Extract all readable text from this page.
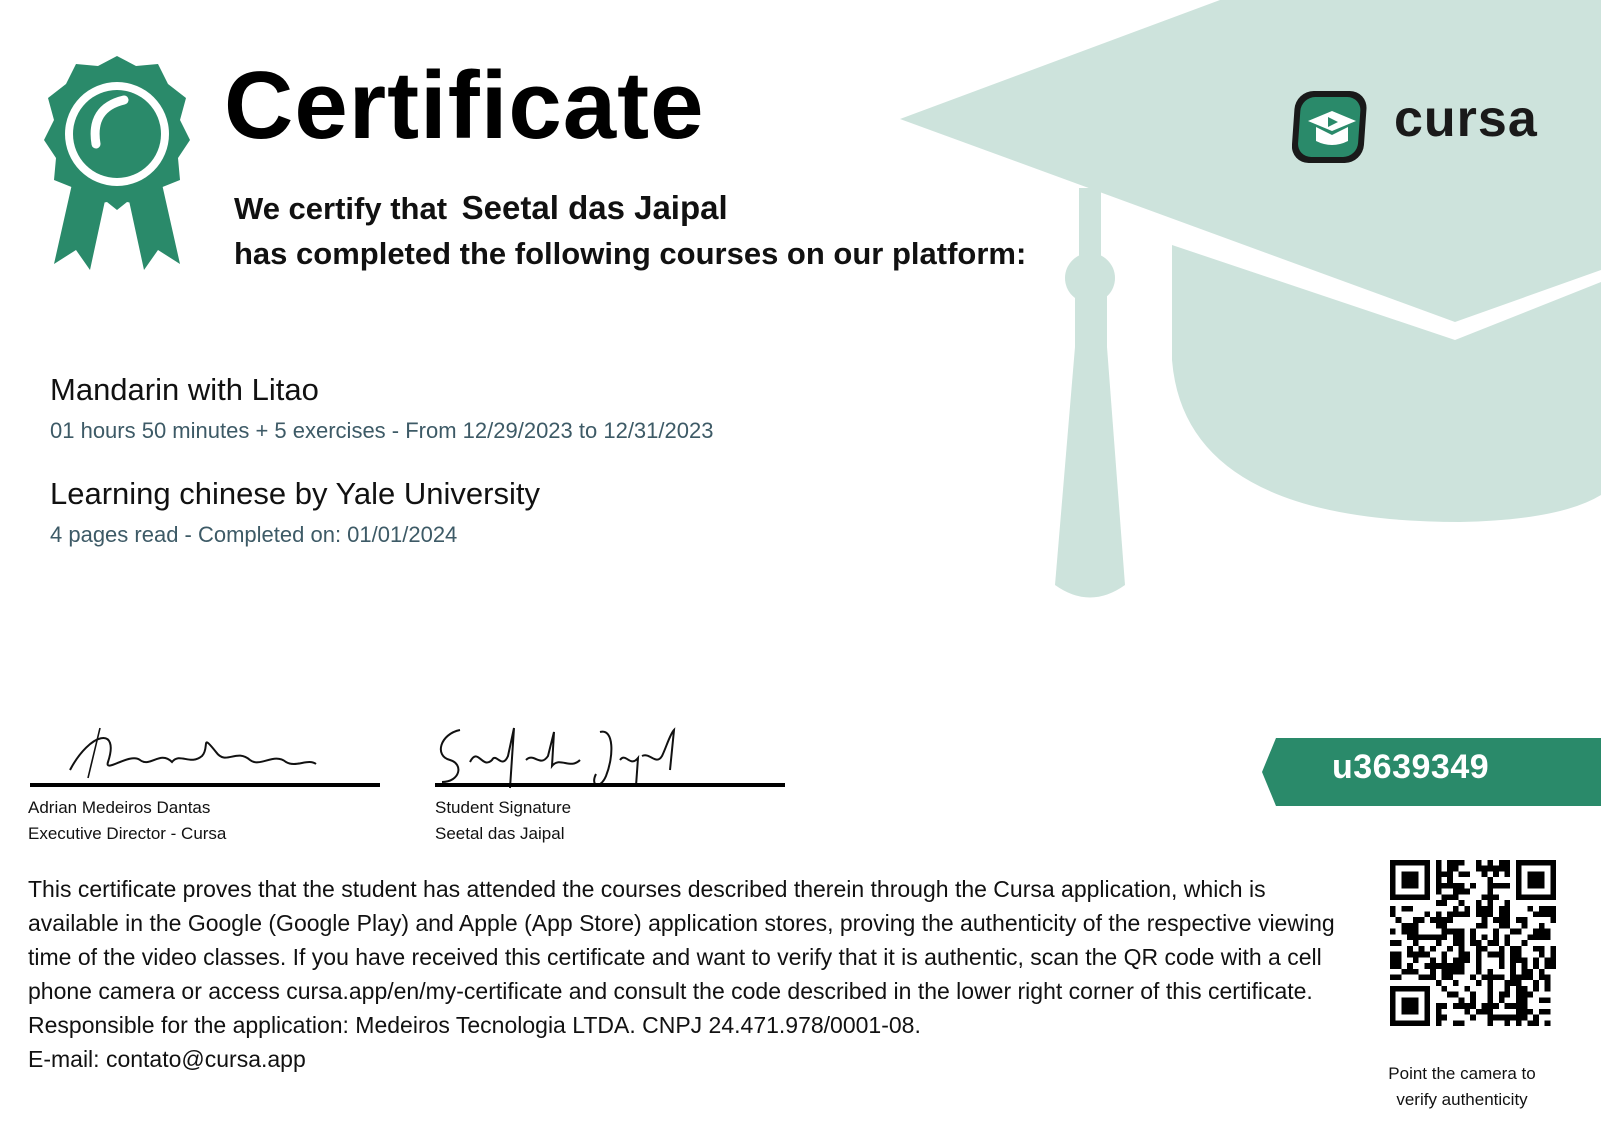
Certificate
We certify that Seetal das Jaipal
has completed the following courses on our platform:
cursa
Mandarin with Litao
01 hours 50 minutes + 5 exercises - From 12/29/2023 to 12/31/2023
Learning chinese by Yale University
4 pages read - Completed on: 01/01/2024
Adrian Medeiros Dantas
Executive Director - Cursa
Student Signature
Seetal das Jaipal
u3639349

This certificate proves that the student has attended the courses described therein through the Cursa application, which is available in the Google (Google Play) and Apple (App Store) application stores, proving the authenticity of the respective viewing time of the video classes. If you have received this certificate and want to verify that it is authentic, scan the QR code with a cell phone camera or access cursa.app/en/my-certificate and consult the code described in the lower right corner of this certificate.

Responsible for the application: Medeiros Tecnologia LTDA. CNPJ 24.471.978/0001-08.

E-mail: contato@cursa.app

Point the camera to
verify authenticity
